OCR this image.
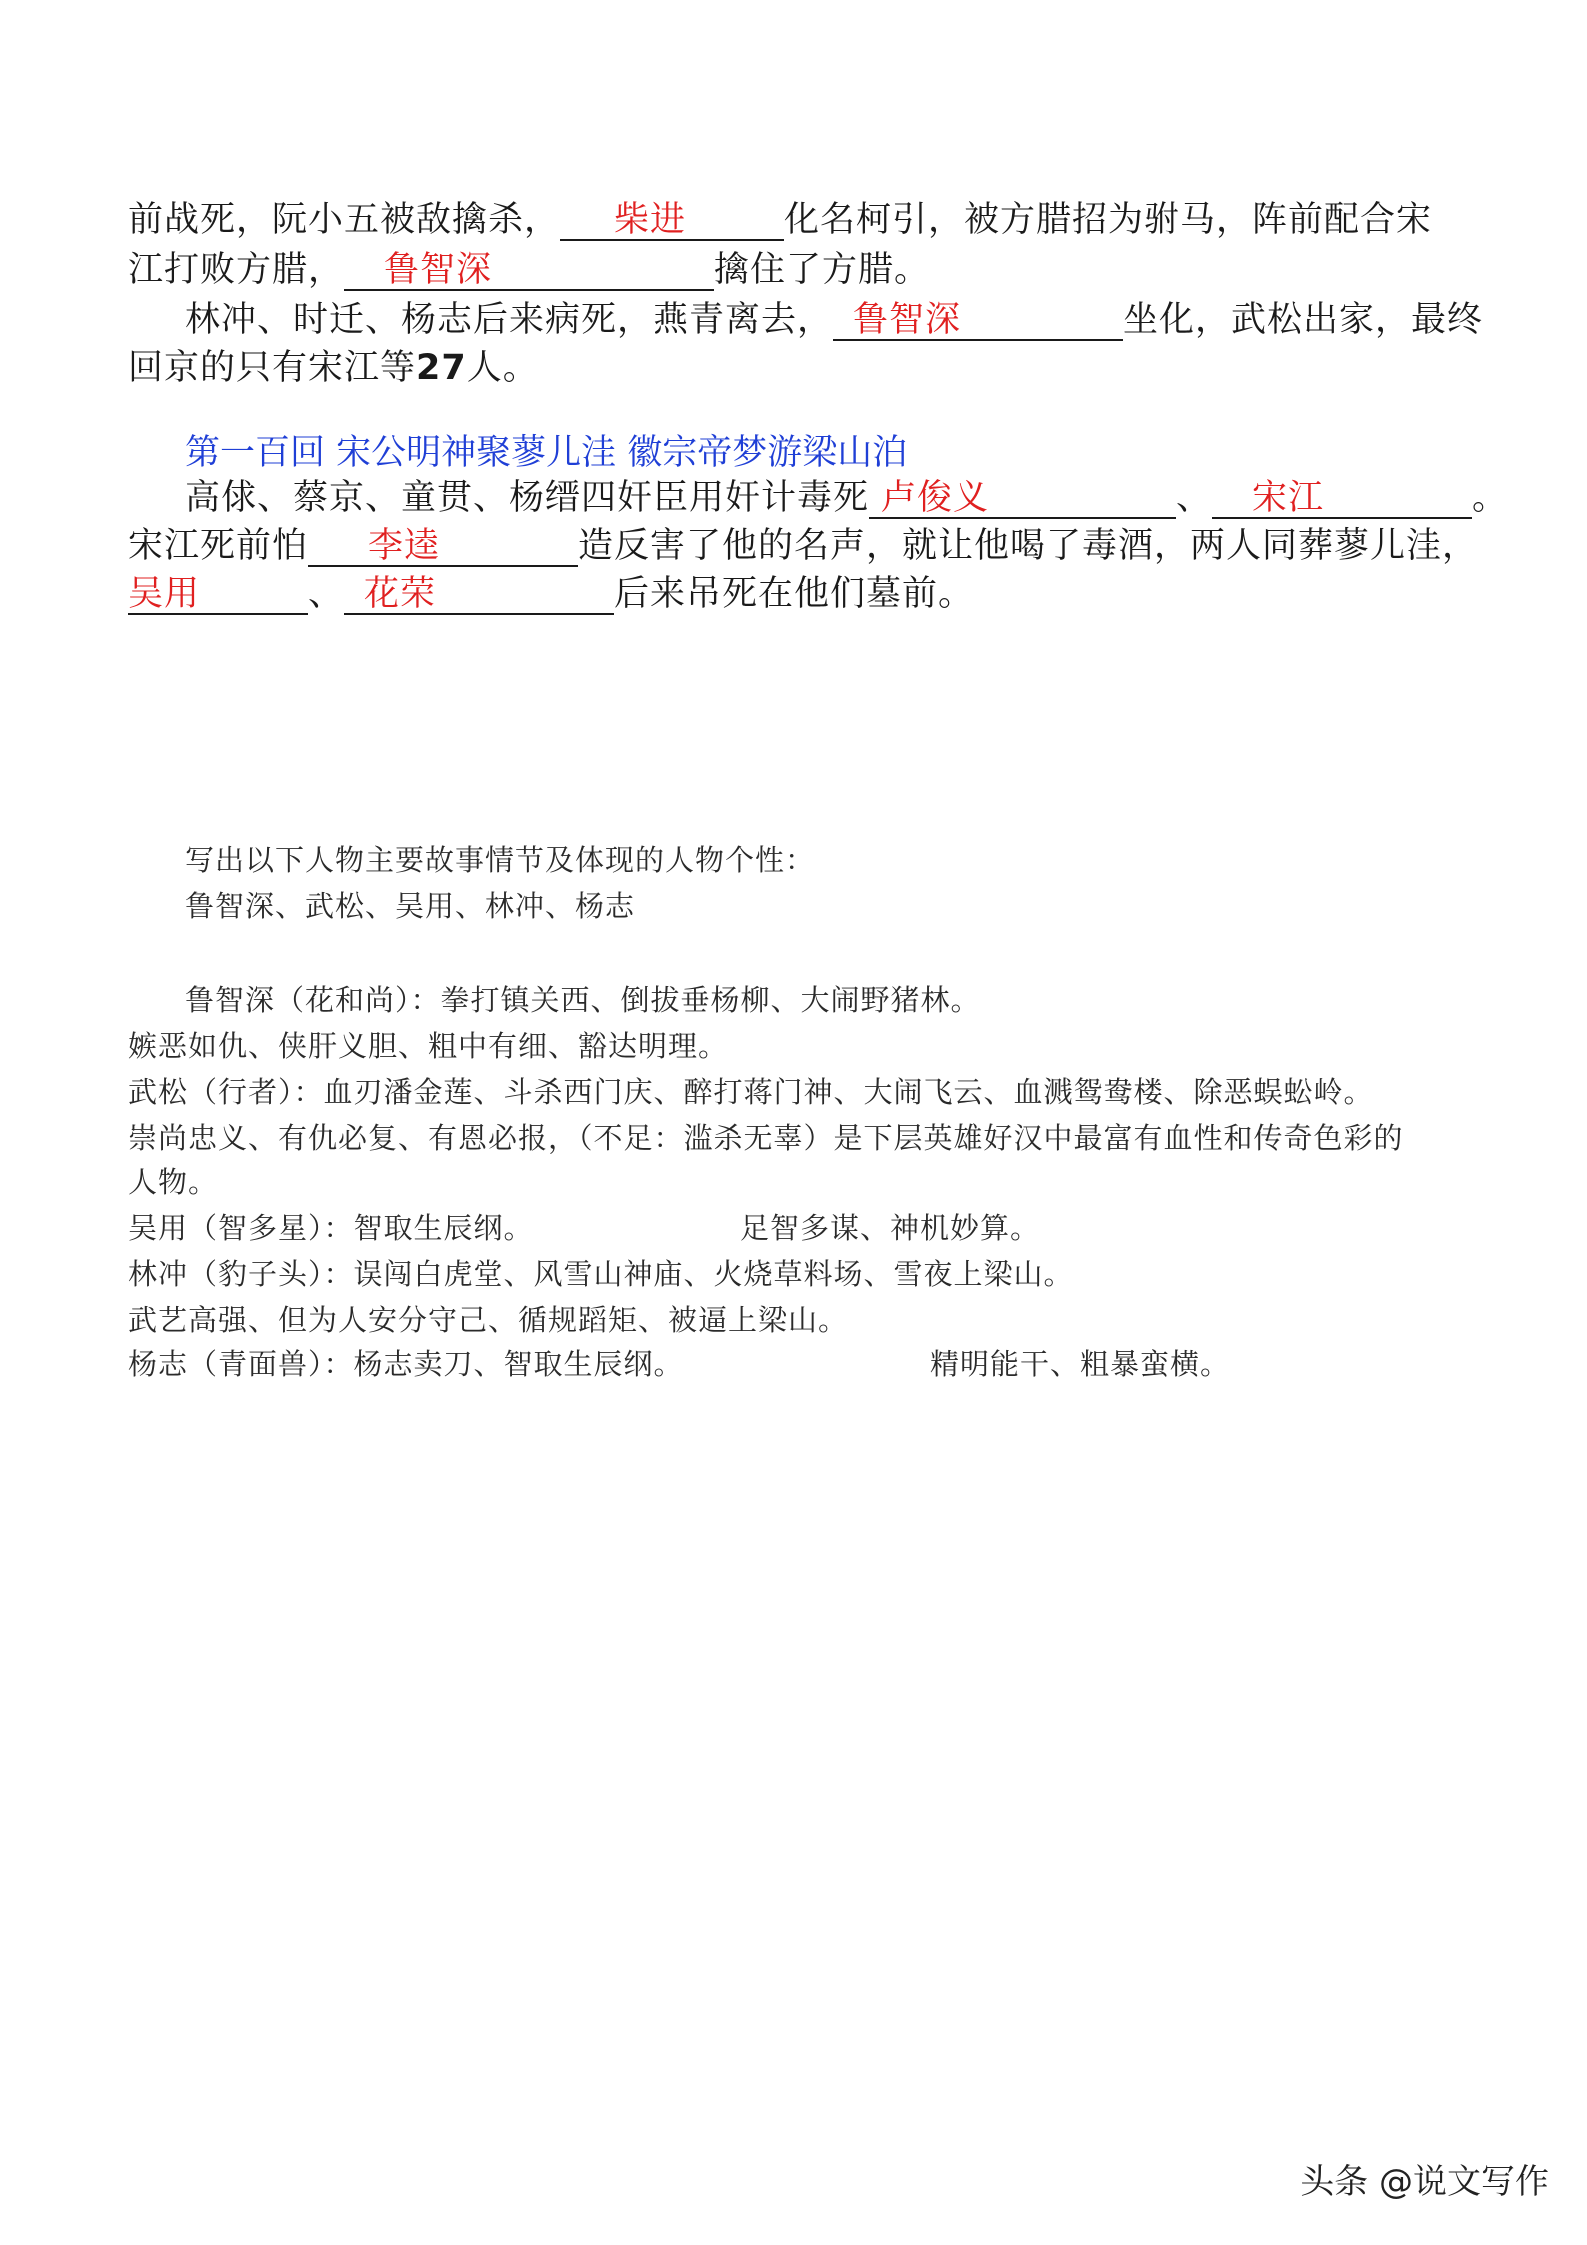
前战死，阮小五被敌擒杀， 柴进	化名柯引，被方腊招为驸马，阵前配合宋
江打败方腊， 鲁智深	擒住了方腊。
林冲、时迁、杨志后来病死，燕青离去， 鲁智深	坐化，武松出家，最终
回京的只有宋江等27人。
第一百回 宋公明神聚蓼儿洼 徽宗帝梦游梁山泊
高俅、蔡京、童贯、杨缙四奸臣用奸计毒死 卢俊义	、 宋江	。
宋江死前怕 李逵	造反害了他的名声，就让他喝了毒酒，两人同葬蓼儿洼，
吴用	、 花荣	后来吊死在他们墓前。
写出以下人物主要故事情节及体现的人物个性：
鲁智深、武松、吴用、林冲、杨志
鲁智深（花和尚）：拳打镇关西、倒拔垂杨柳、大闹野猪林。
嫉恶如仇、侠肝义胆、粗中有细、豁达明理。
武松（行者）：血刃潘金莲、斗杀西门庆、醉打蒋门神、大闹飞云、血溅鸳鸯楼、除恶蜈蚣岭。
崇尚忠义、有仇必复、有恩必报，（不足：滥杀无辜）是下层英雄好汉中最富有血性和传奇色彩的
人物。
吴用（智多星）：智取生辰纲。	足智多谋、神机妙算。
林冲（豹子头）：误闯白虎堂、风雪山神庙、火烧草料场、雪夜上梁山。
武艺高强、但为人安分守己、循规蹈矩、被逼上梁山。
杨志（青面兽）：杨志卖刀、智取生辰纲。	精明能干、粗暴蛮横。
头条 @说文写作
